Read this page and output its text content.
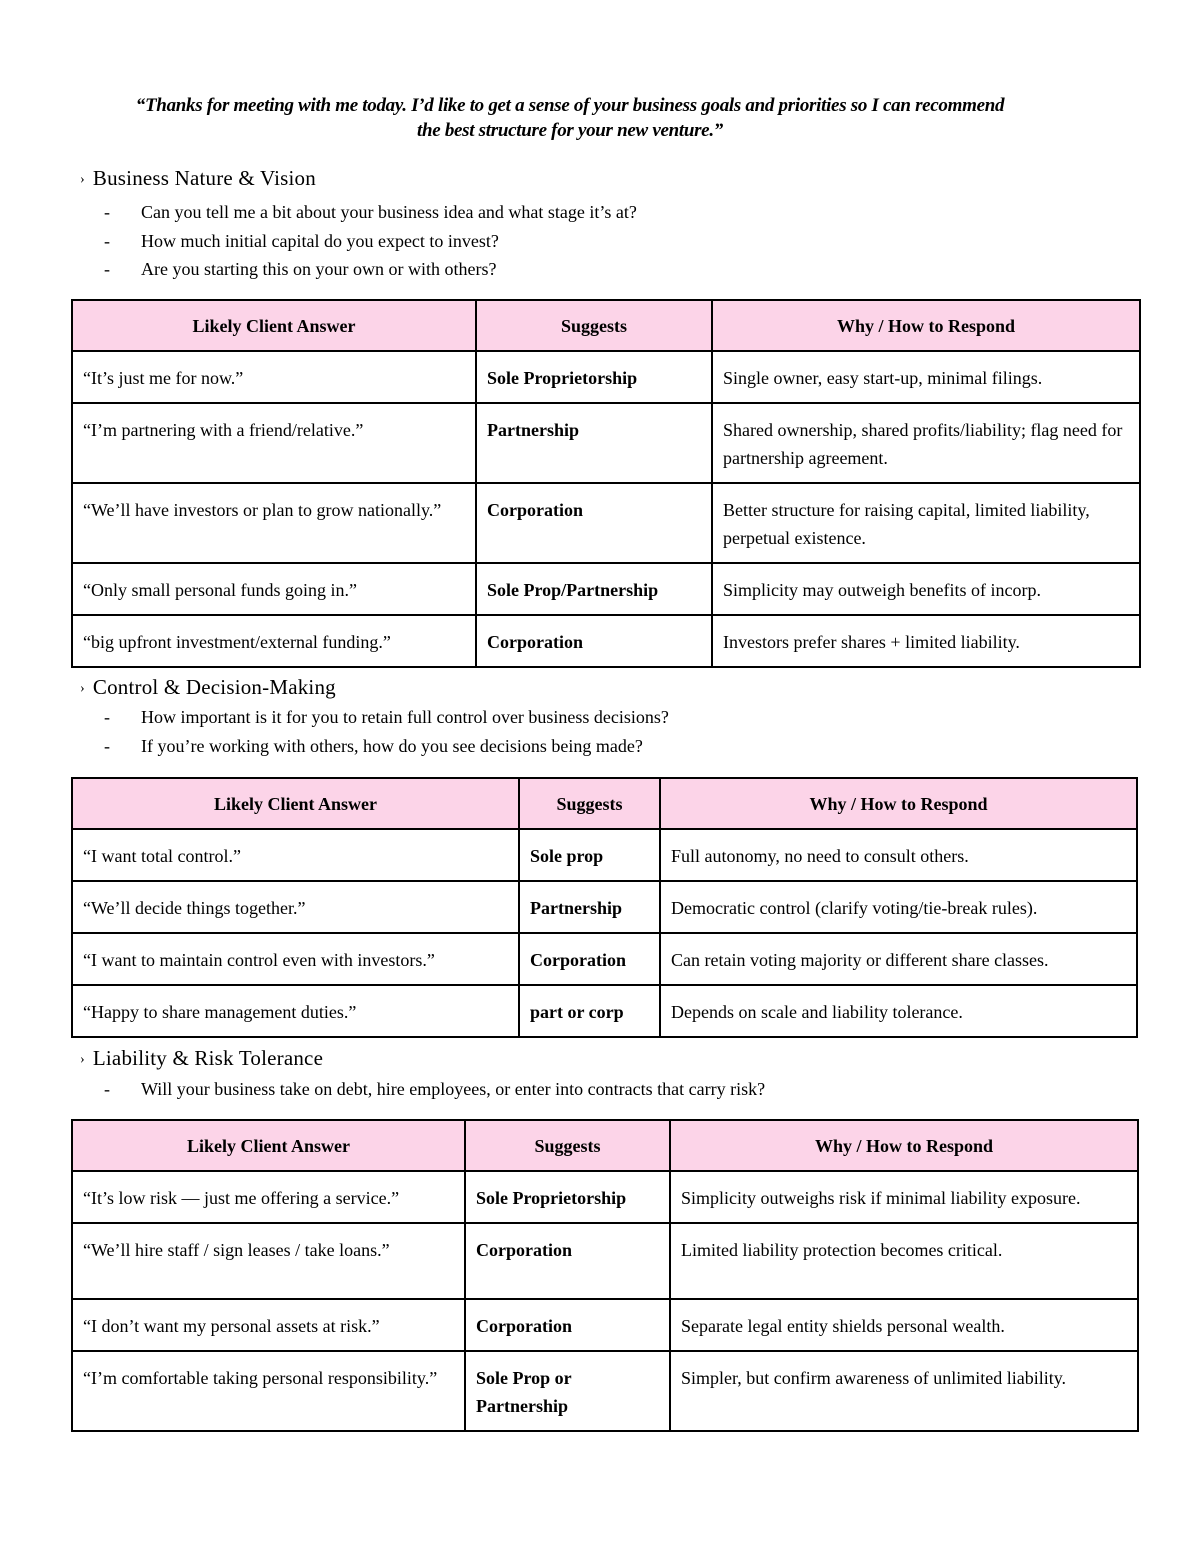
“Thanks for meeting with me today. I’d like to get a sense of your business goals and priorities so I can recommend the best structure for your new venture.”
› Business Nature & Vision
- Can you tell me a bit about your business idea and what stage it’s at?
- How much initial capital do you expect to invest?
- Are you starting this on your own or with others?
Likely Client Answer	Suggests	Why / How to Respond
“It’s just me for now.”	Sole Proprietorship	Single owner, easy start-up, minimal filings.
“I’m partnering with a friend/relative.”	Partnership	Shared ownership, shared profits/liability; flag need for partnership agreement.
“We’ll have investors or plan to grow nationally.”	Corporation	Better structure for raising capital, limited liability, perpetual existence.
“Only small personal funds going in.”	Sole Prop/Partnership	Simplicity may outweigh benefits of incorp.
“big upfront investment/external funding.”	Corporation	Investors prefer shares + limited liability.
› Control & Decision-Making
- How important is it for you to retain full control over business decisions?
- If you’re working with others, how do you see decisions being made?
Likely Client Answer	Suggests	Why / How to Respond
“I want total control.”	Sole prop	Full autonomy, no need to consult others.
“We’ll decide things together.”	Partnership	Democratic control (clarify voting/tie-break rules).
“I want to maintain control even with investors.”	Corporation	Can retain voting majority or different share classes.
“Happy to share management duties.”	part or corp	Depends on scale and liability tolerance.
› Liability & Risk Tolerance
- Will your business take on debt, hire employees, or enter into contracts that carry risk?
Likely Client Answer	Suggests	Why / How to Respond
“It’s low risk — just me offering a service.”	Sole Proprietorship	Simplicity outweighs risk if minimal liability exposure.
“We’ll hire staff / sign leases / take loans.”	Corporation	Limited liability protection becomes critical.
“I don’t want my personal assets at risk.”	Corporation	Separate legal entity shields personal wealth.
“I’m comfortable taking personal responsibility.”	Sole Prop or Partnership	Simpler, but confirm awareness of unlimited liability.
